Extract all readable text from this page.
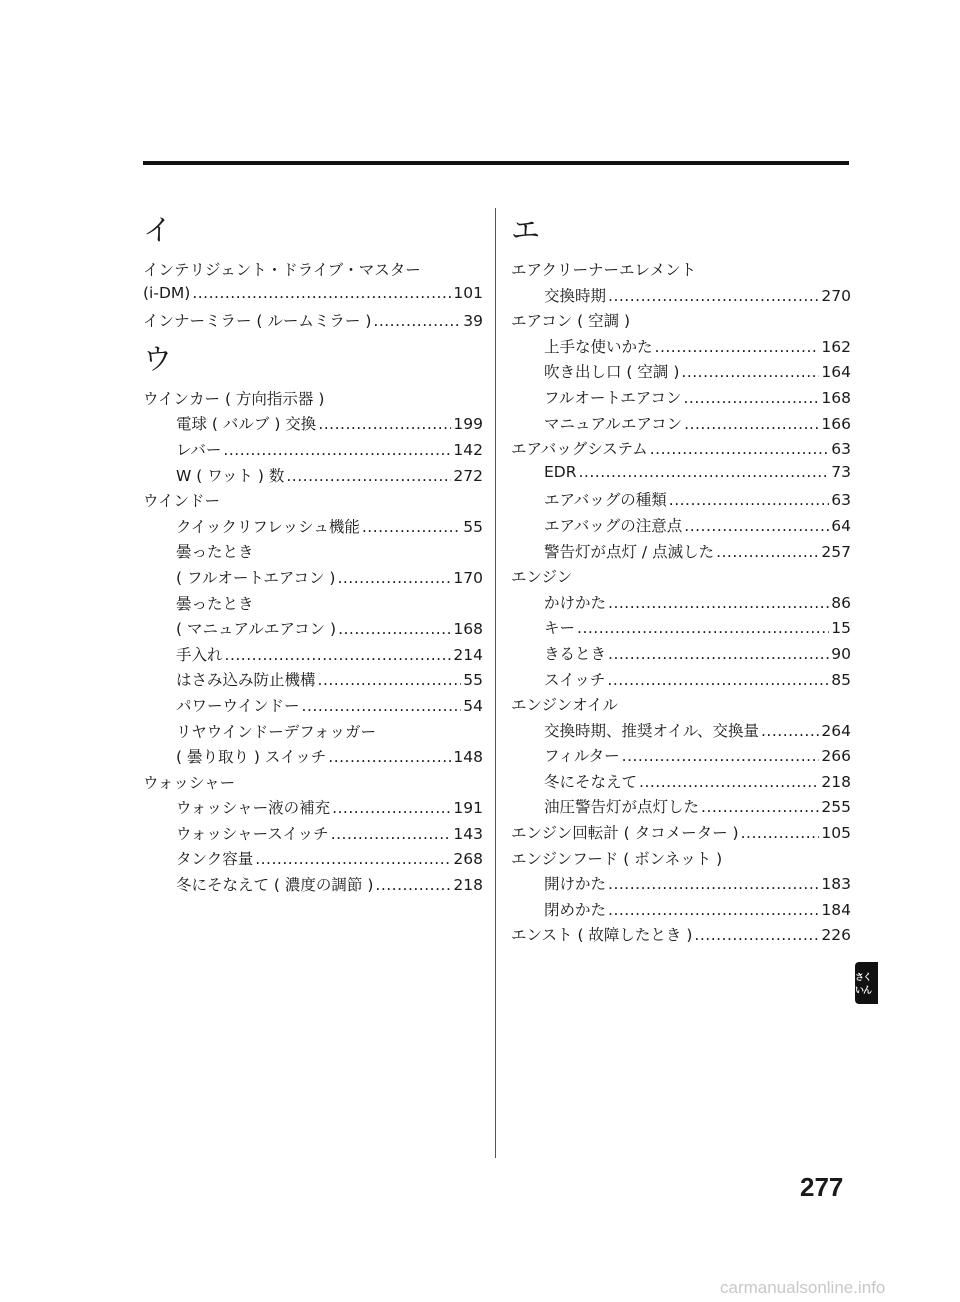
イ
インテリジェント・ドライブ・マスター
(i-DM) .....	101
インナーミラー ( ルームミラー ) .....	39
ウ
ウインカー ( 方向指示器 )
電球 ( バルブ ) 交換 .....	199
レバー .....	142
W ( ワット ) 数 .....	272
ウインドー
クイックリフレッシュ機能 .....	55
曇ったとき
( フルオートエアコン ) .....	170
曇ったとき
( マニュアルエアコン ) .....	168
手入れ .....	214
はさみ込み防止機構 .....	55
パワーウインドー .....	54
リヤウインドーデフォッガー
( 曇り取り ) スイッチ .....	148
ウォッシャー
ウォッシャー液の補充 .....	191
ウォッシャースイッチ .....	143
タンク容量 .....	268
冬にそなえて ( 濃度の調節 ) .....	218
エ
エアクリーナーエレメント
交換時期 .....	270
エアコン ( 空調 )
上手な使いかた .....	162
吹き出し口 ( 空調 ) .....	164
フルオートエアコン .....	168
マニュアルエアコン .....	166
エアバッグシステム .....	63
EDR .....	73
エアバッグの種類 .....	63
エアバッグの注意点 .....	64
警告灯が点灯 / 点滅した .....	257
エンジン
かけかた .....	86
キー .....	15
きるとき .....	90
スイッチ .....	85
エンジンオイル
交換時期、推奨オイル、交換量 .....	264
フィルター .....	266
冬にそなえて .....	218
油圧警告灯が点灯した .....	255
エンジン回転計 ( タコメーター ) .....	105
エンジンフード ( ボンネット )
開けかた .....	183
閉めかた .....	184
エンスト ( 故障したとき ) .....	226
さくいん
277
carmanualsonline.info
